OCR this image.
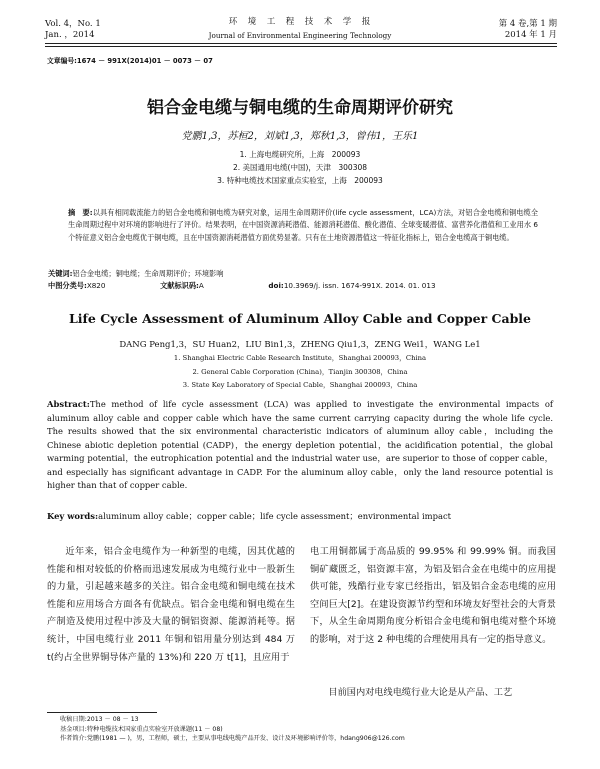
Vol. 4，No. 1
Jan. ，2014
环　境　工　程　技　术　学　报
Journal of Environmental Engineering Technology
第 4 卷,第 1 期
2014 年 1 月
文章编号:1674 － 991X(2014)01 － 0073 － 07
铝合金电缆与铜电缆的生命周期评价研究
党鹏1,3，苏桓2，刘斌1,3，郑秋1,3，曾伟1，王乐1
1. 上海电缆研究所，上海　200093
2. 美国通用电缆(中国)，天津　300308
3. 特种电缆技术国家重点实验室，上海　200093
摘　要:以具有相同载流能力的铝合金电缆和铜电缆为研究对象，运用生命周期评价(life cycle assessment，LCA)方法，对铝合金电缆和铜电缆全生命周期过程中对环境的影响进行了评价。结果表明，在中国资源消耗潜值、能源消耗潜值、酸化潜值、全球变暖潜值、富营养化潜值和工业用水 6 个特征意义铝合金电缆优于铜电缆，且在中国资源消耗潜值方面优势显著。只有在土地资源潜值这一特征化指标上，铝合金电缆高于铜电缆。
关键词:铝合金电缆；铜电缆；生命周期评价；环境影响
中图分类号:X820	文献标识码:A	doi:10.3969/j. issn. 1674-991X. 2014. 01. 013
Life Cycle Assessment of Aluminum Alloy Cable and Copper Cable
DANG Peng1,3，SU Huan2，LIU Bin1,3，ZHENG Qiu1,3，ZENG Wei1，WANG Le1
1. Shanghai Electric Cable Research Institute，Shanghai 200093，China
2. General Cable Corporation (China)，Tianjin 300308，China
3. State Key Laboratory of Special Cable，Shanghai 200093，China
Abstract:The method of life cycle assessment (LCA) was applied to investigate the environmental impacts of aluminum alloy cable and copper cable which have the same current carrying capacity during the whole life cycle. The results showed that the six environmental characteristic indicators of aluminum alloy cable，including the Chinese abiotic depletion potential (CADP)，the energy depletion potential，the acidification potential，the global warming potential，the eutrophication potential and the industrial water use，are superior to those of copper cable，and especially has significant advantage in CADP. For the aluminum alloy cable，only the land resource potential is higher than that of copper cable.
Key words:aluminum alloy cable；copper cable；life cycle assessment；environmental impact
近年来，铝合金电缆作为一种新型的电缆，因其优越的性能和相对较低的价格而迅速发展成为电缆行业中一股新生的力量，引起越来越多的关注。铝合金电缆和铜电缆在技术性能和应用场合方面各有优缺点。铝合金电缆和铜电缆在生产制造及使用过程中涉及大量的铜铝资源、能源消耗等。据统计，中国电缆行业 2011 年铜和铝用量分别达到 484 万 t(约占全世界铜导体产量的 13%)和 220 万 t[1]，且应用于
电工用铜都属于高品质的 99.95% 和 99.99% 铜。而我国铜矿藏匮乏，铝资源丰富，为铝及铝合金在电缆中的应用提供可能，残酷行业专家已经指出，铝及铝合金态电缆的应用空间巨大[2]。在建设资源节约型和环境友好型社会的大背景下，从全生命周期角度分析铝合金电缆和铜电缆对整个环境的影响，对于这 2 种电缆的合理使用具有一定的指导意义。
目前国内对电线电缆行业大论是从产品、工艺
收稿日期:2013 － 08 － 13
基金项目:特种电缆技术国家重点实验室开放课题(11 － 08)
作者简介:党鹏(1981 — )，男，工程师，硕士，主要从事电线电缆产品开发、设计及环境影响评价等，hdang906@126.com
